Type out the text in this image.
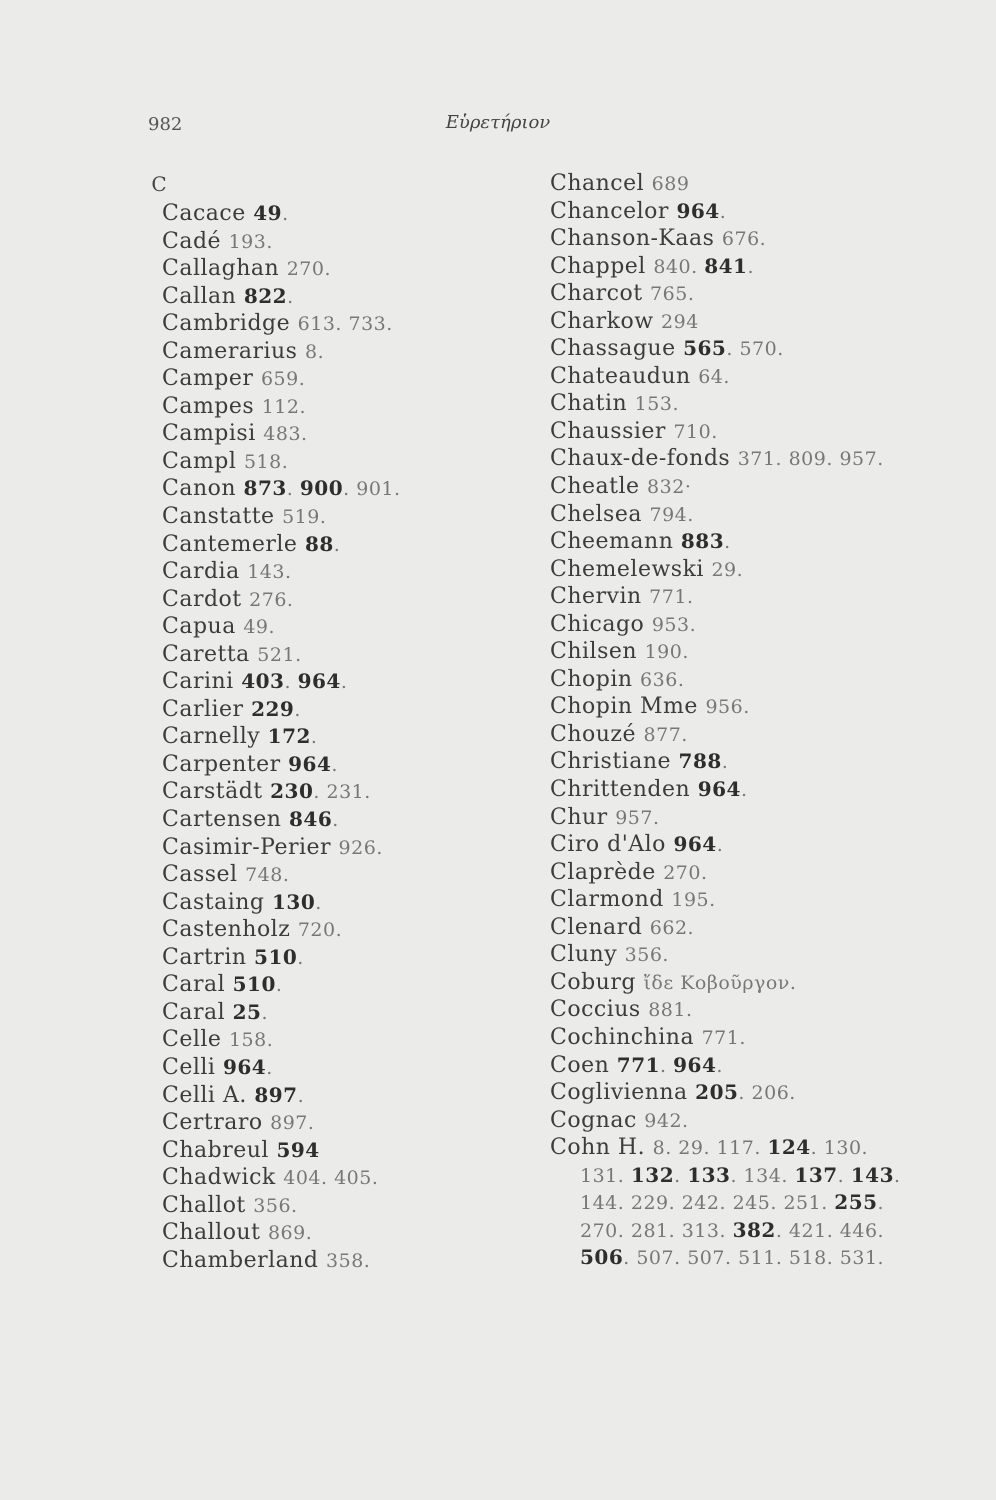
982	Εὑρετήριον
C
Cacace 49.
Cadé 193.
Callaghan 270.
Callan 822.
Cambridge 613. 733.
Camerarius 8.
Camper 659.
Campes 112.
Campisi 483.
Campl 518.
Canon 873. 900. 901.
Canstatte 519.
Cantemerle 88.
Cardia 143.
Cardot 276.
Capua 49.
Caretta 521.
Carini 403. 964.
Carlier 229.
Carnelly 172.
Carpenter 964.
Carstädt 230. 231.
Cartensen 846.
Casimir-Perier 926.
Cassel 748.
Castaing 130.
Castenholz 720.
Cartrin 510.
Caral 510.
Caral 25.
Celle 158.
Celli 964.
Celli A. 897.
Certraro 897.
Chabreul 594
Chadwick 404. 405.
Challot 356.
Challout 869.
Chamberland 358.
Chancel 689
Chancelor 964.
Chanson-Kaas 676.
Chappel 840. 841.
Charcot 765.
Charkow 294
Chassague 565. 570.
Chateaudun 64.
Chatin 153.
Chaussier 710.
Chaux-de-fonds 371. 809. 957.
Cheatle 832·
Chelsea 794.
Cheemann 883.
Chemelewski 29.
Chervin 771.
Chicago 953.
Chilsen 190.
Chopin 636.
Chopin Mme 956.
Chouzé 877.
Christiane 788.
Chrittenden 964.
Chur 957.
Ciro d'Alo 964.
Claprède 270.
Clarmond 195.
Clenard 662.
Cluny 356.
Coburg ἴδε Κοβοῦργον.
Coccius 881.
Cochinchina 771.
Coen 771. 964.
Coglivienna 205. 206.
Cognac 942.
Cohn H. 8. 29. 117. 124. 130.
131. 132. 133. 134. 137. 143.
144. 229. 242. 245. 251. 255.
270. 281. 313. 382. 421. 446.
506. 507. 507. 511. 518. 531.
